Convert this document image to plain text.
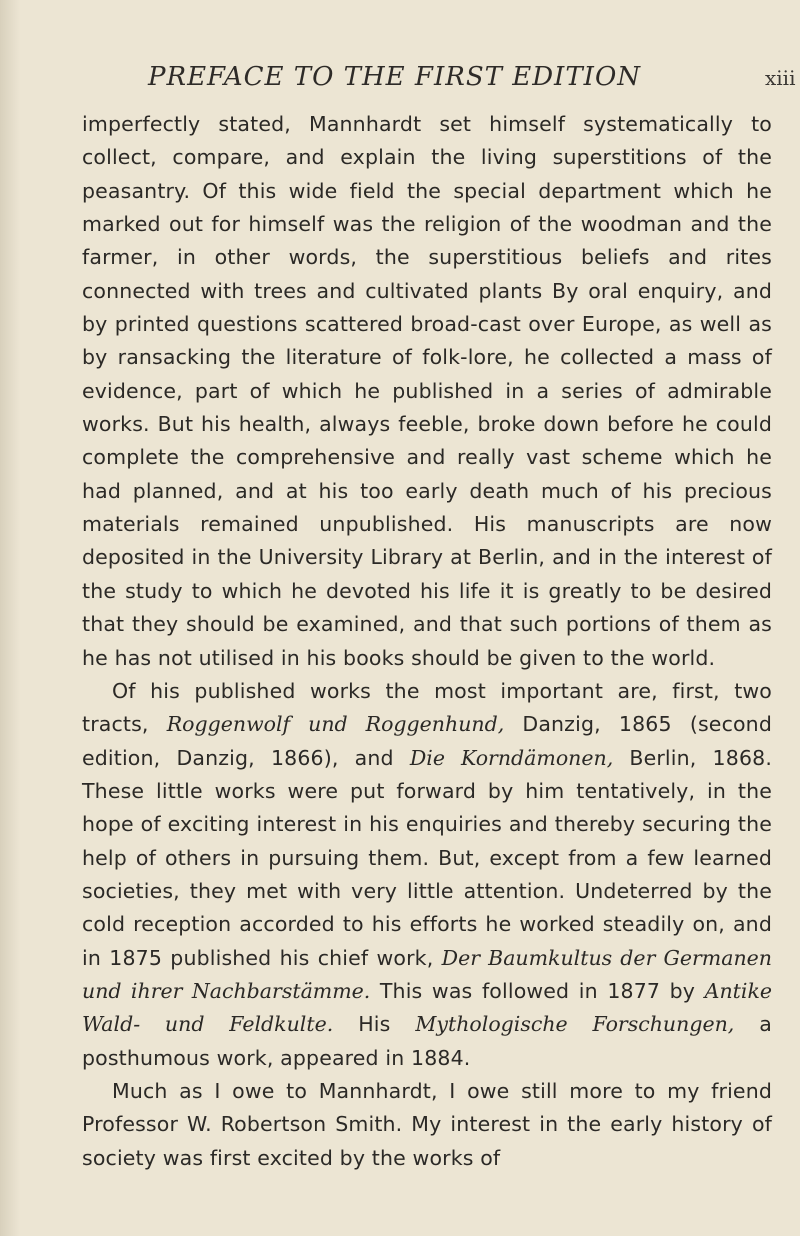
PREFACE TO THE FIRST EDITION	xiii

imperfectly stated, Mannhardt set himself systematically to collect, compare, and explain the living superstitions of the peasantry. Of this wide field the special department which he marked out for himself was the religion of the woodman and the farmer, in other words, the superstitious beliefs and rites connected with trees and cultivated plants By oral enquiry, and by printed questions scattered broad-cast over Europe, as well as by ransacking the literature of folk-lore, he collected a mass of evidence, part of which he published in a series of admirable works. But his health, always feeble, broke down before he could complete the comprehensive and really vast scheme which he had planned, and at his too early death much of his precious materials remained unpublished. His manuscripts are now deposited in the University Library at Berlin, and in the interest of the study to which he devoted his life it is greatly to be desired that they should be examined, and that such portions of them as he has not utilised in his books should be given to the world.

Of his published works the most important are, first, two tracts, Roggenwolf und Roggenhund, Danzig, 1865 (second edition, Danzig, 1866), and Die Korndämonen, Berlin, 1868. These little works were put forward by him tentatively, in the hope of exciting interest in his enquiries and thereby securing the help of others in pursuing them. But, except from a few learned societies, they met with very little attention. Undeterred by the cold reception accorded to his efforts he worked steadily on, and in 1875 published his chief work, Der Baumkultus der Germanen und ihrer Nachbarstämme. This was followed in 1877 by Antike Wald- und Feldkulte. His Mythologische Forschungen, a posthumous work, appeared in 1884.

Much as I owe to Mannhardt, I owe still more to my friend Professor W. Robertson Smith. My interest in the early history of society was first excited by the works of
